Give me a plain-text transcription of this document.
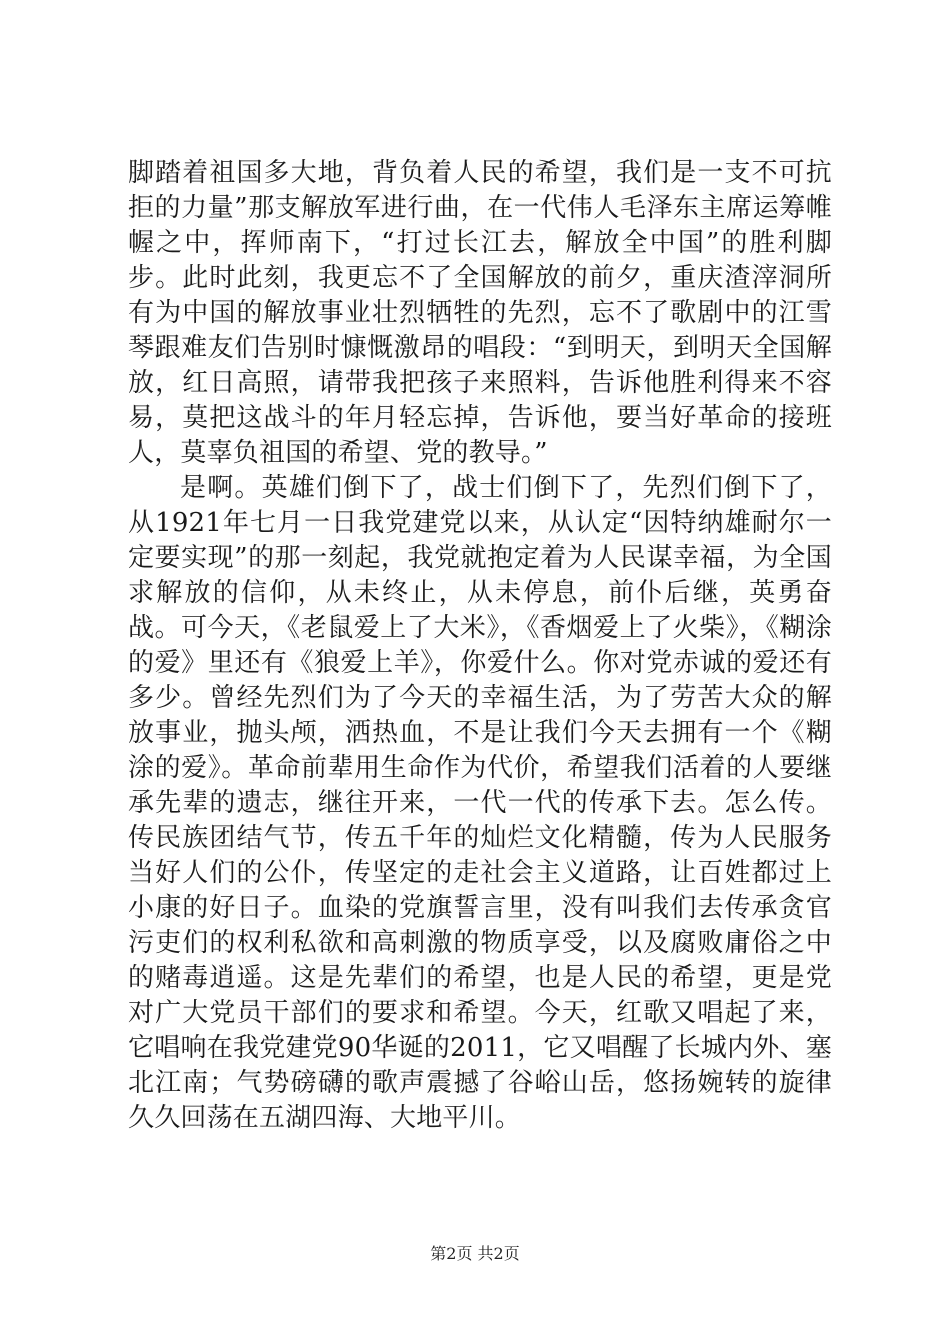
脚踏着祖国多大地，背负着人民的希望，我们是一支不可抗拒的力量”那支解放军进行曲，在一代伟人毛泽东主席运筹帷幄之中，挥师南下，“打过长江去，解放全中国”的胜利脚步。此时此刻，我更忘不了全国解放的前夕，重庆渣滓洞所有为中国的解放事业壮烈牺牲的先烈，忘不了歌剧中的江雪琴跟难友们告别时慷慨激昂的唱段：“到明天，到明天全国解放，红日高照，请带我把孩子来照料，告诉他胜利得来不容易，莫把这战斗的年月轻忘掉，告诉他，要当好革命的接班人，莫辜负祖国的希望、党的教导。”

是啊。英雄们倒下了，战士们倒下了，先烈们倒下了，从1921年七月一日我党建党以来，从认定“因特纳雄耐尔一定要实现”的那一刻起，我党就抱定着为人民谋幸福，为全国求解放的信仰，从未终止，从未停息，前仆后继，英勇奋战。可今天，《老鼠爱上了大米》，《香烟爱上了火柴》，《糊涂的爱》里还有《狼爱上羊》，你爱什么。你对党赤诚的爱还有多少。曾经先烈们为了今天的幸福生活，为了劳苦大众的解放事业，抛头颅，洒热血，不是让我们今天去拥有一个《糊涂的爱》。革命前辈用生命作为代价，希望我们活着的人要继承先辈的遗志，继往开来，一代一代的传承下去。怎么传。传民族团结气节，传五千年的灿烂文化精髓，传为人民服务当好人们的公仆，传坚定的走社会主义道路，让百姓都过上小康的好日子。血染的党旗誓言里，没有叫我们去传承贪官污吏们的权利私欲和高刺激的物质享受，以及腐败庸俗之中的赌毒逍遥。这是先辈们的希望，也是人民的希望，更是党对广大党员干部们的要求和希望。今天，红歌又唱起了来，它唱响在我党建党90华诞的2011，它又唱醒了长城内外、塞北江南；气势磅礴的歌声震撼了谷峪山岳，悠扬婉转的旋律久久回荡在五湖四海、大地平川。

第2页 共2页
